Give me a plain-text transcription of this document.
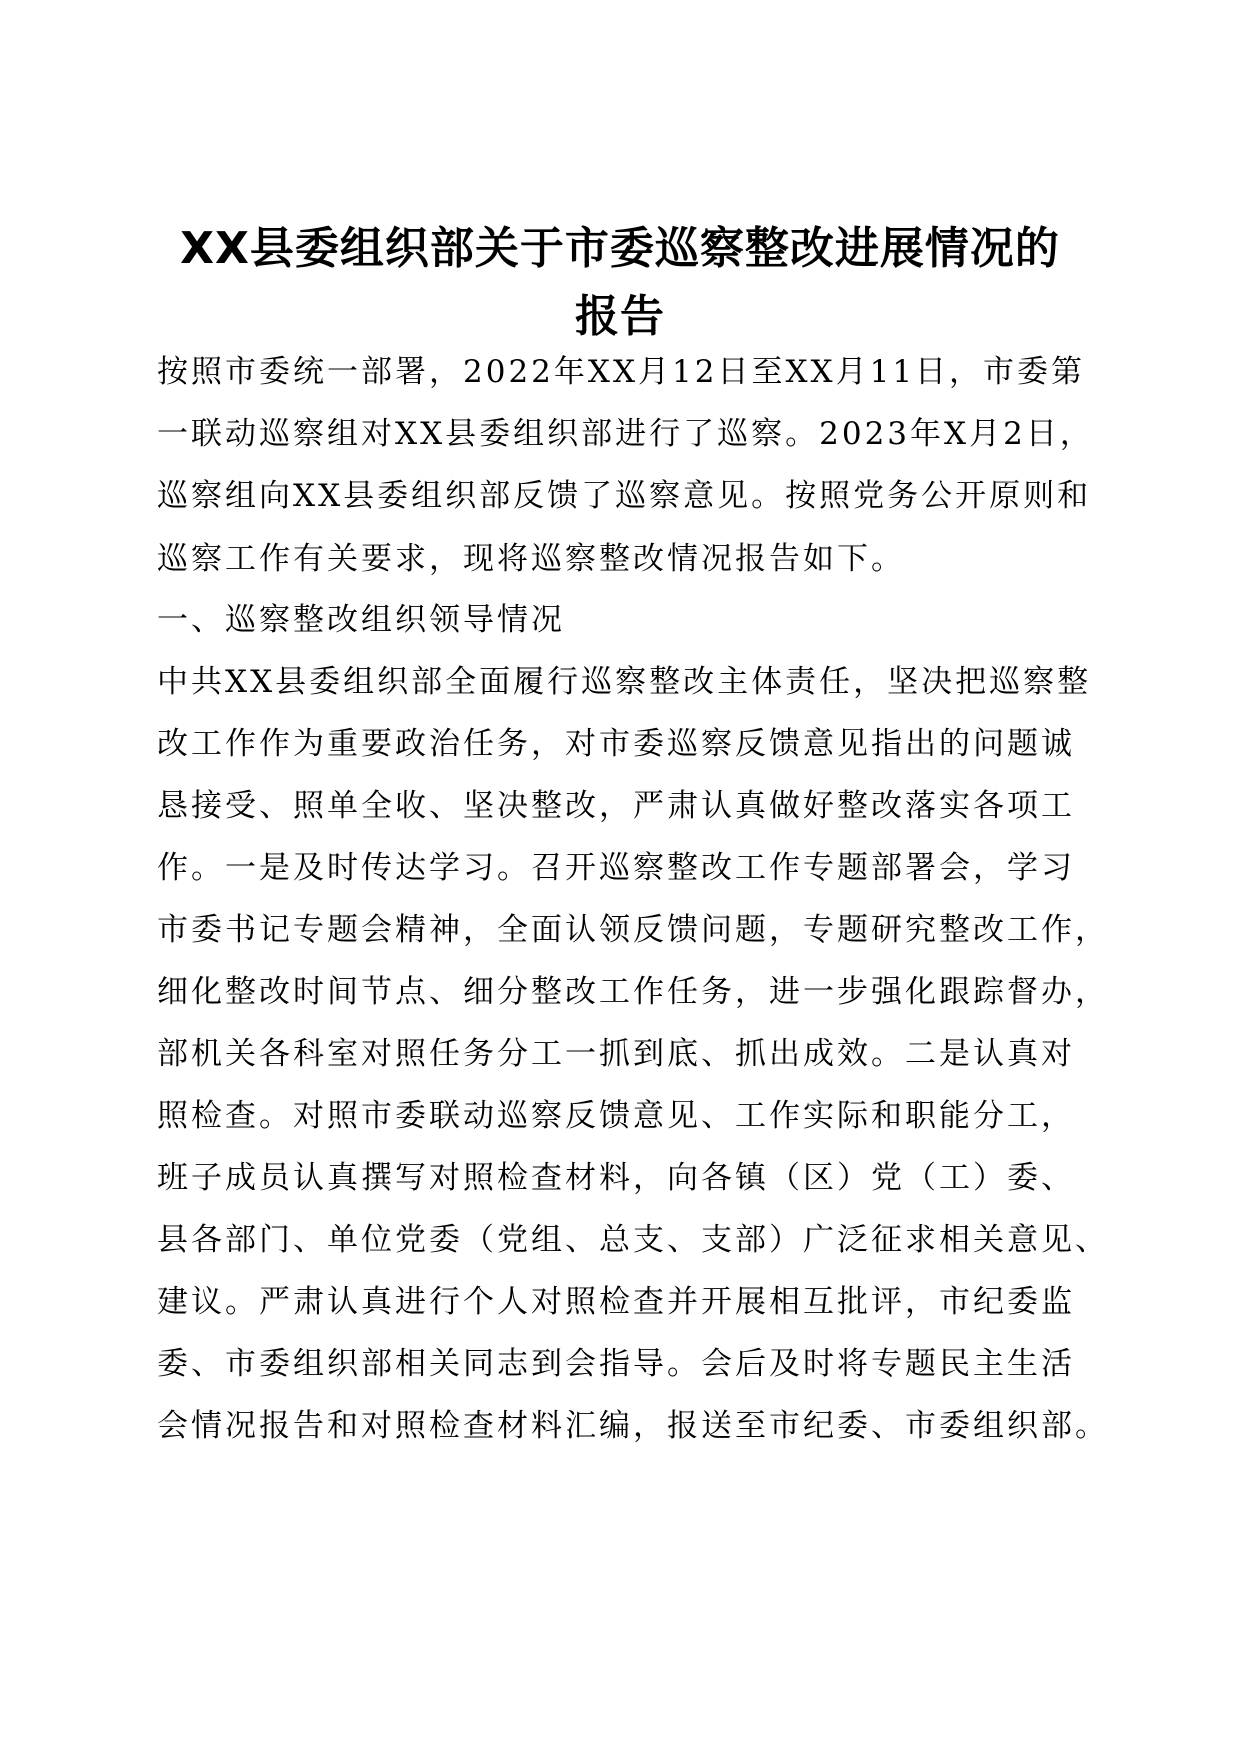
XX县委组织部关于市委巡察整改进展情况的
报告
按照市委统一部署，2022年XX月12日至XX月11日，市委第
一联动巡察组对XX县委组织部进行了巡察。2023年X月2日，
巡察组向XX县委组织部反馈了巡察意见。按照党务公开原则和
巡察工作有关要求，现将巡察整改情况报告如下。
一、巡察整改组织领导情况
中共XX县委组织部全面履行巡察整改主体责任，坚决把巡察整
改工作作为重要政治任务，对市委巡察反馈意见指出的问题诚
恳接受、照单全收、坚决整改，严肃认真做好整改落实各项工
作。一是及时传达学习。召开巡察整改工作专题部署会，学习
市委书记专题会精神，全面认领反馈问题，专题研究整改工作，
细化整改时间节点、细分整改工作任务，进一步强化跟踪督办，
部机关各科室对照任务分工一抓到底、抓出成效。二是认真对
照检查。对照市委联动巡察反馈意见、工作实际和职能分工，
班子成员认真撰写对照检查材料，向各镇（区）党（工）委、
县各部门、单位党委（党组、总支、支部）广泛征求相关意见、
建议。严肃认真进行个人对照检查并开展相互批评，市纪委监
委、市委组织部相关同志到会指导。会后及时将专题民主生活
会情况报告和对照检查材料汇编，报送至市纪委、市委组织部。
